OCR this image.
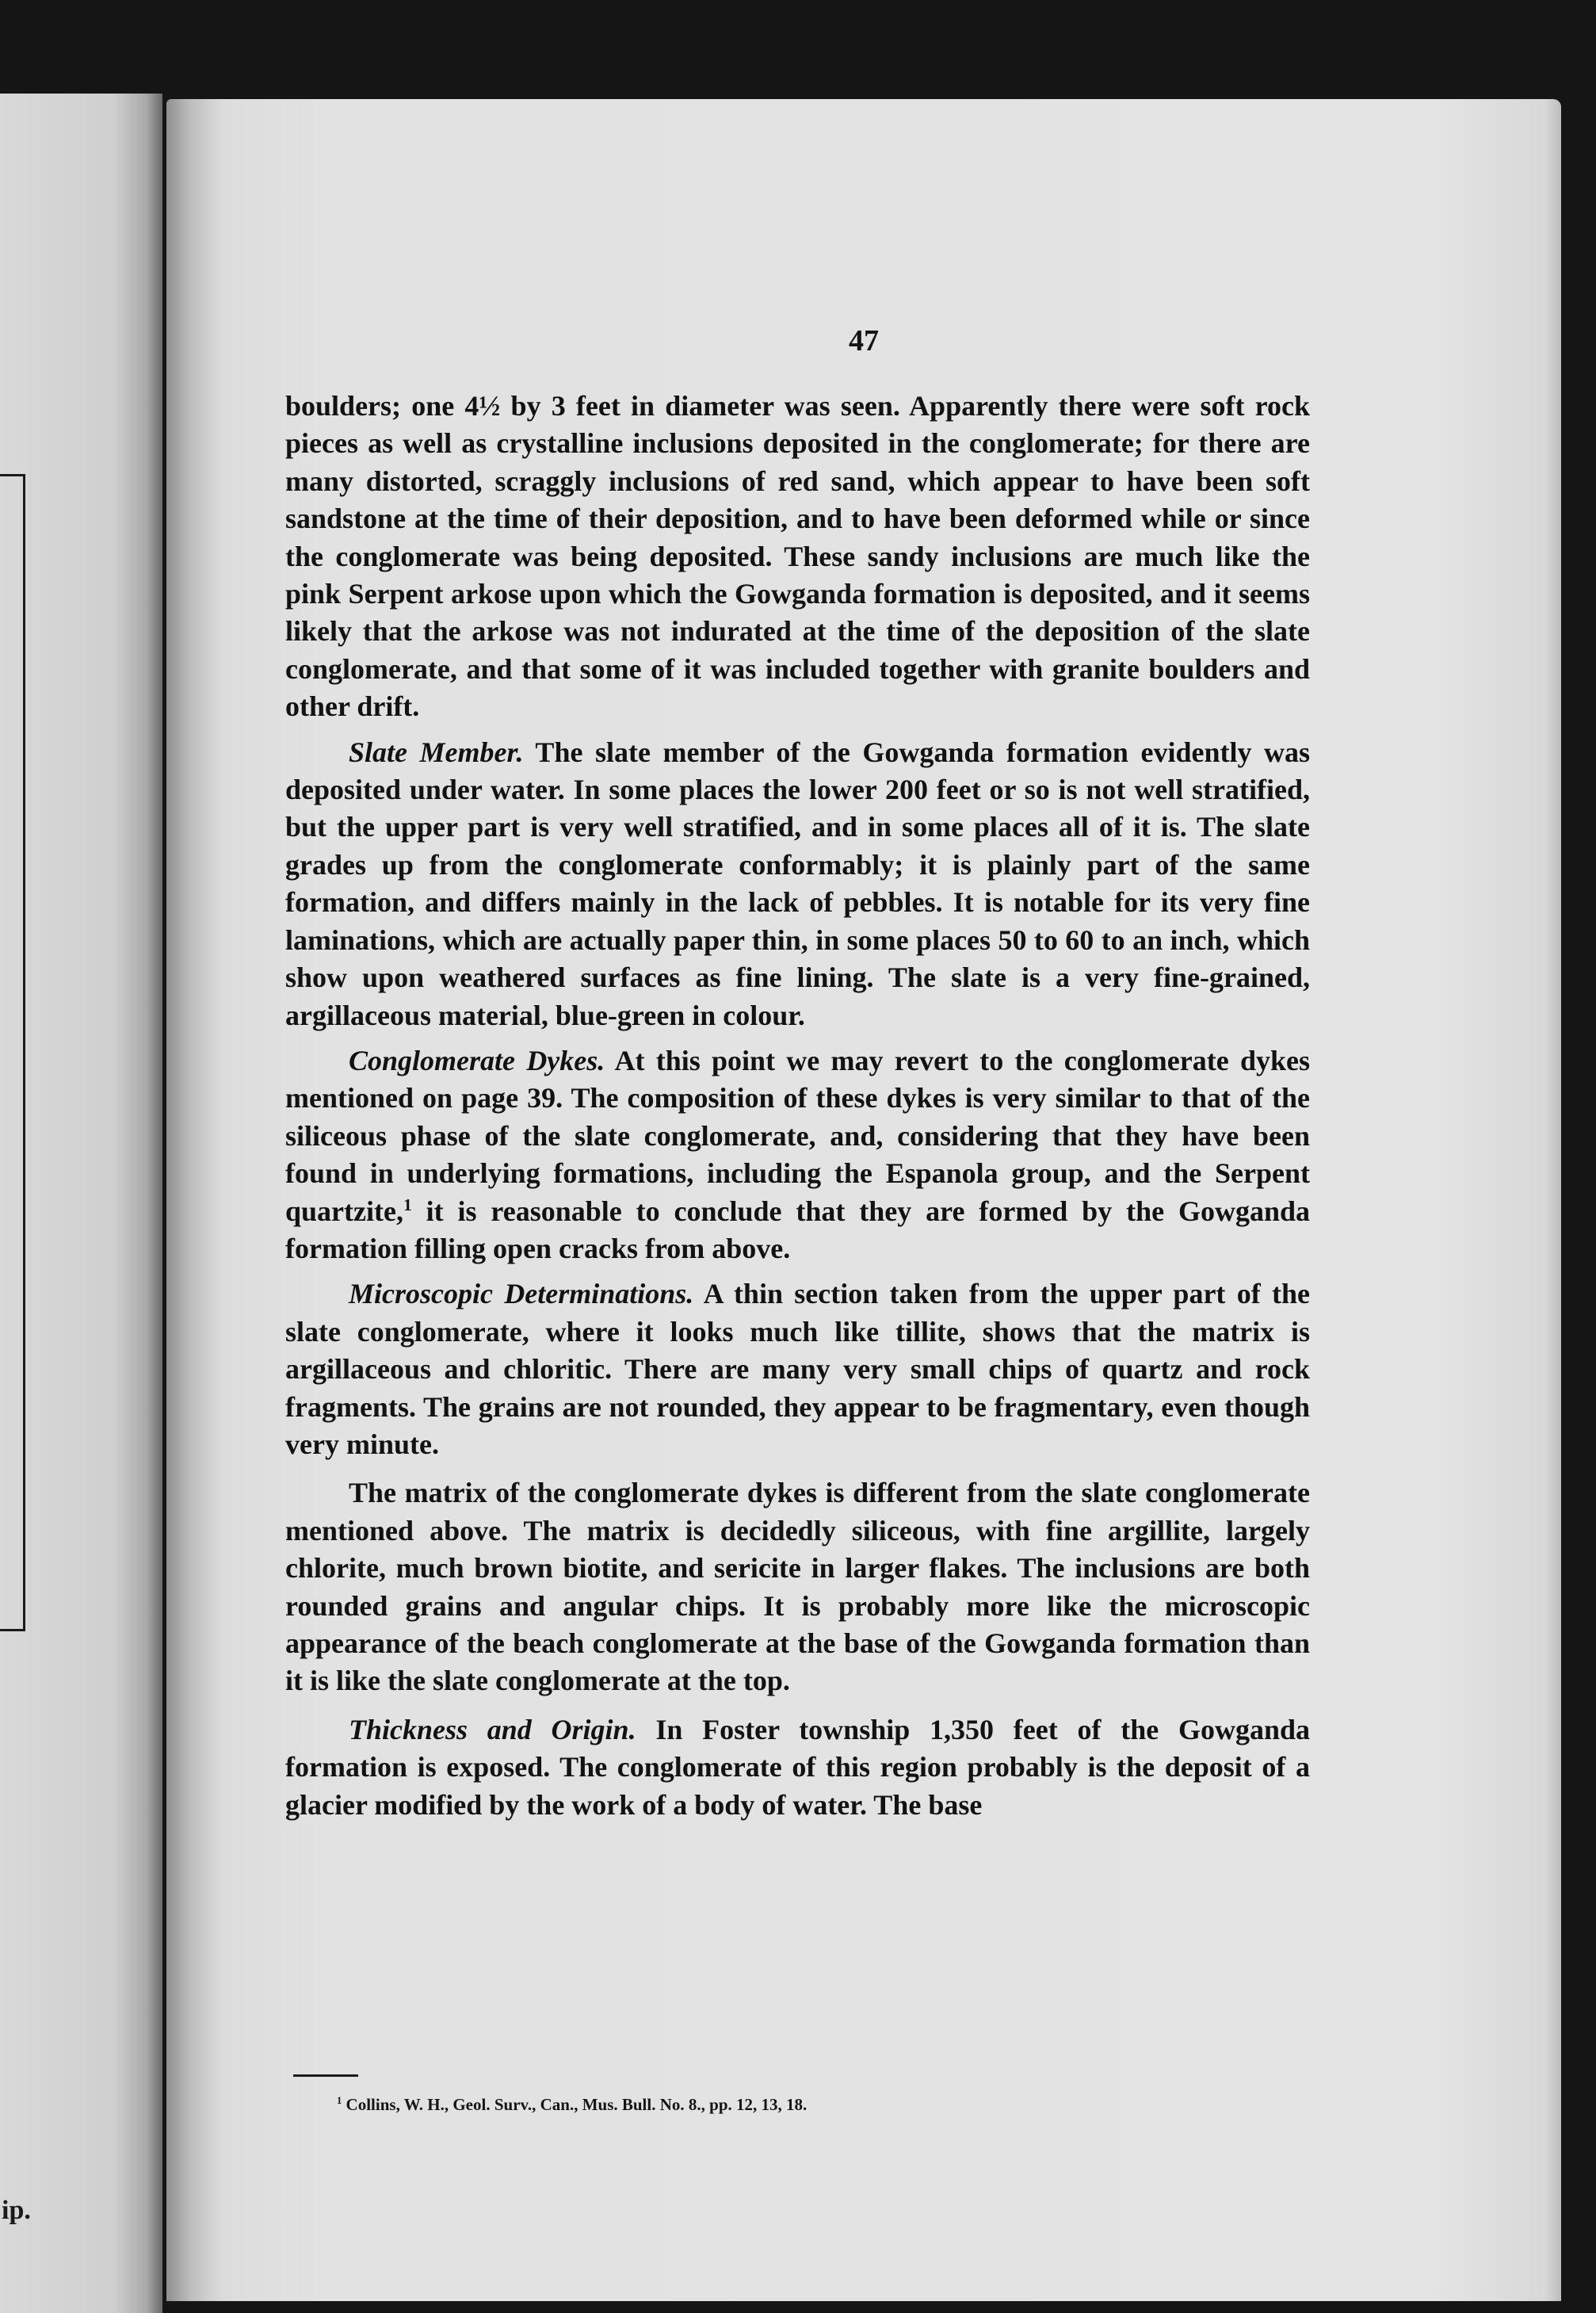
ip.
47

boulders; one 4½ by 3 feet in diameter was seen. Apparently there were soft rock pieces as well as crystalline inclusions deposited in the conglomerate; for there are many distorted, scraggly inclusions of red sand, which appear to have been soft sandstone at the time of their deposition, and to have been deformed while or since the conglomerate was being deposited. These sandy inclusions are much like the pink Serpent arkose upon which the Gowganda formation is deposited, and it seems likely that the arkose was not indurated at the time of the deposition of the slate conglomerate, and that some of it was included together with granite boulders and other drift.

Slate Member. The slate member of the Gowganda formation evidently was deposited under water. In some places the lower 200 feet or so is not well stratified, but the upper part is very well stratified, and in some places all of it is. The slate grades up from the conglomerate conformably; it is plainly part of the same formation, and differs mainly in the lack of pebbles. It is notable for its very fine laminations, which are actually paper thin, in some places 50 to 60 to an inch, which show upon weathered surfaces as fine lining. The slate is a very fine-grained, argillaceous material, blue-green in colour.

Conglomerate Dykes. At this point we may revert to the conglomerate dykes mentioned on page 39. The composition of these dykes is very similar to that of the siliceous phase of the slate conglomerate, and, considering that they have been found in underlying formations, including the Espanola group, and the Serpent quartzite,$^1$ it is reasonable to conclude that they are formed by the Gowganda formation filling open cracks from above.

Microscopic Determinations. A thin section taken from the upper part of the slate conglomerate, where it looks much like tillite, shows that the matrix is argillaceous and chloritic. There are many very small chips of quartz and rock fragments. The grains are not rounded, they appear to be fragmentary, even though very minute.

The matrix of the conglomerate dykes is different from the slate conglomerate mentioned above. The matrix is decidedly siliceous, with fine argillite, largely chlorite, much brown biotite, and sericite in larger flakes. The inclusions are both rounded grains and angular chips. It is probably more like the microscopic appearance of the beach conglomerate at the base of the Gowganda formation than it is like the slate conglomerate at the top.

Thickness and Origin. In Foster township 1,350 feet of the Gowganda formation is exposed. The conglomerate of this region probably is the deposit of a glacier modified by the work of a body of water. The base

$^1$ Collins, W. H., Geol. Surv., Can., Mus. Bull. No. 8., pp. 12, 13, 18.
